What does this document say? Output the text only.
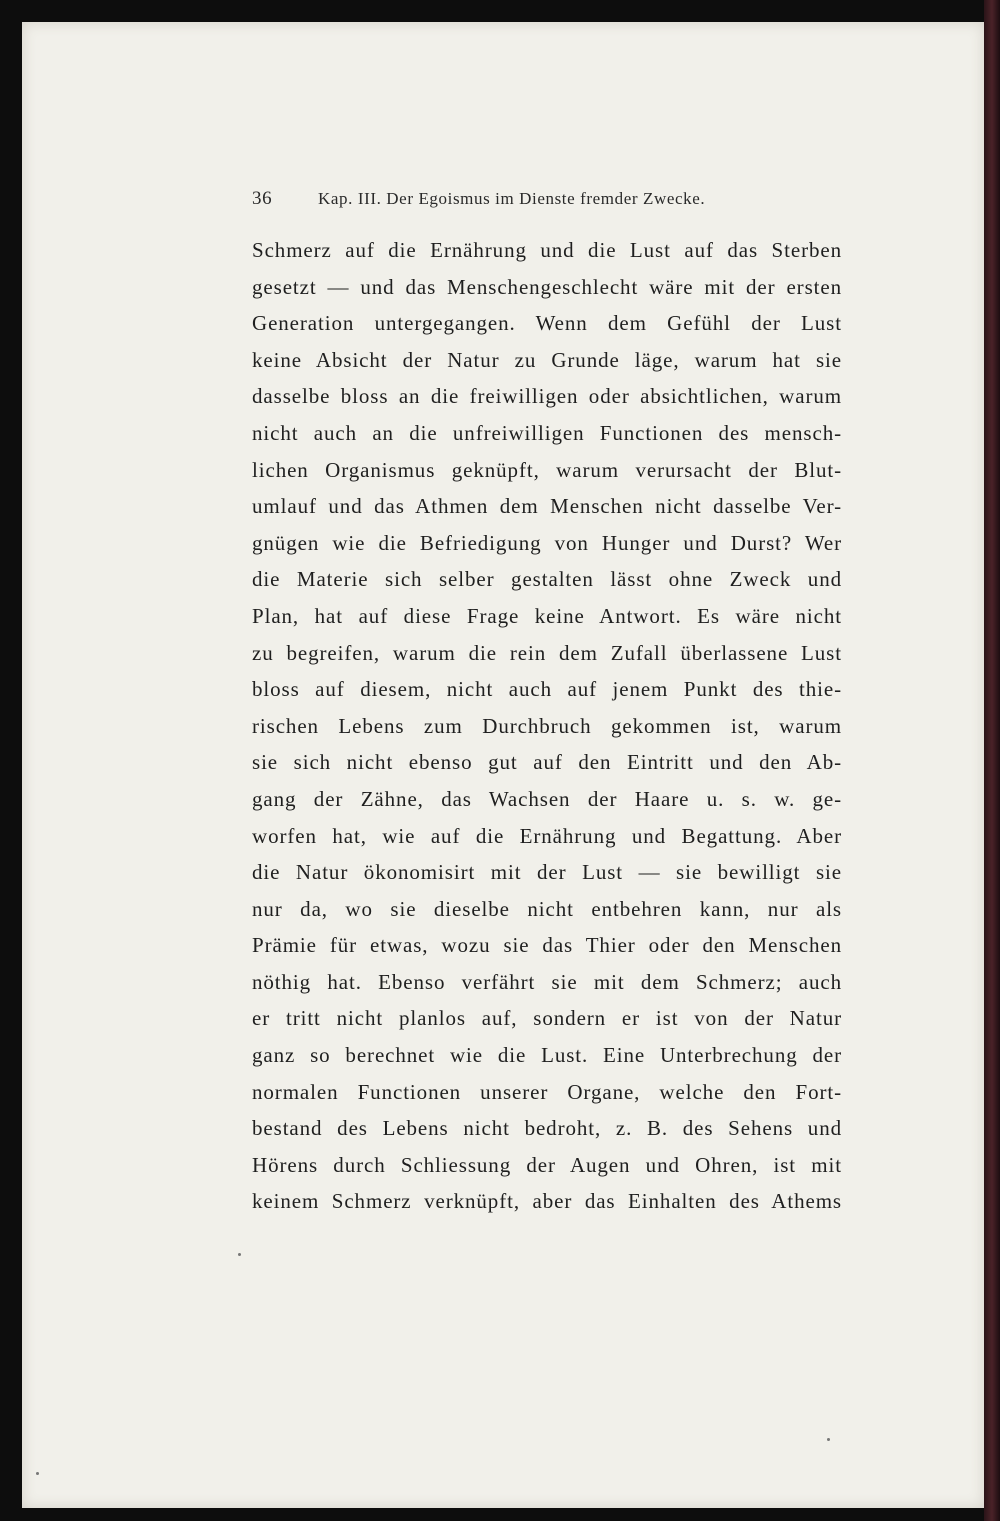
36	Kap. III. Der Egoismus im Dienste fremder Zwecke.
Schmerz auf die Ernährung und die Lust auf das Sterben
gesetzt — und das Menschengeschlecht wäre mit der ersten
Generation untergegangen. Wenn dem Gefühl der Lust
keine Absicht der Natur zu Grunde läge, warum hat sie
dasselbe bloss an die freiwilligen oder absichtlichen, warum
nicht auch an die unfreiwilligen Functionen des mensch-
lichen Organismus geknüpft, warum verursacht der Blut-
umlauf und das Athmen dem Menschen nicht dasselbe Ver-
gnügen wie die Befriedigung von Hunger und Durst? Wer
die Materie sich selber gestalten lässt ohne Zweck und
Plan, hat auf diese Frage keine Antwort. Es wäre nicht
zu begreifen, warum die rein dem Zufall überlassene Lust
bloss auf diesem, nicht auch auf jenem Punkt des thie-
rischen Lebens zum Durchbruch gekommen ist, warum
sie sich nicht ebenso gut auf den Eintritt und den Ab-
gang der Zähne, das Wachsen der Haare u. s. w. ge-
worfen hat, wie auf die Ernährung und Begattung. Aber
die Natur ökonomisirt mit der Lust — sie bewilligt sie
nur da, wo sie dieselbe nicht entbehren kann, nur als
Prämie für etwas, wozu sie das Thier oder den Menschen
nöthig hat. Ebenso verfährt sie mit dem Schmerz; auch
er tritt nicht planlos auf, sondern er ist von der Natur
ganz so berechnet wie die Lust. Eine Unterbrechung der
normalen Functionen unserer Organe, welche den Fort-
bestand des Lebens nicht bedroht, z. B. des Sehens und
Hörens durch Schliessung der Augen und Ohren, ist mit
keinem Schmerz verknüpft, aber das Einhalten des Athems
